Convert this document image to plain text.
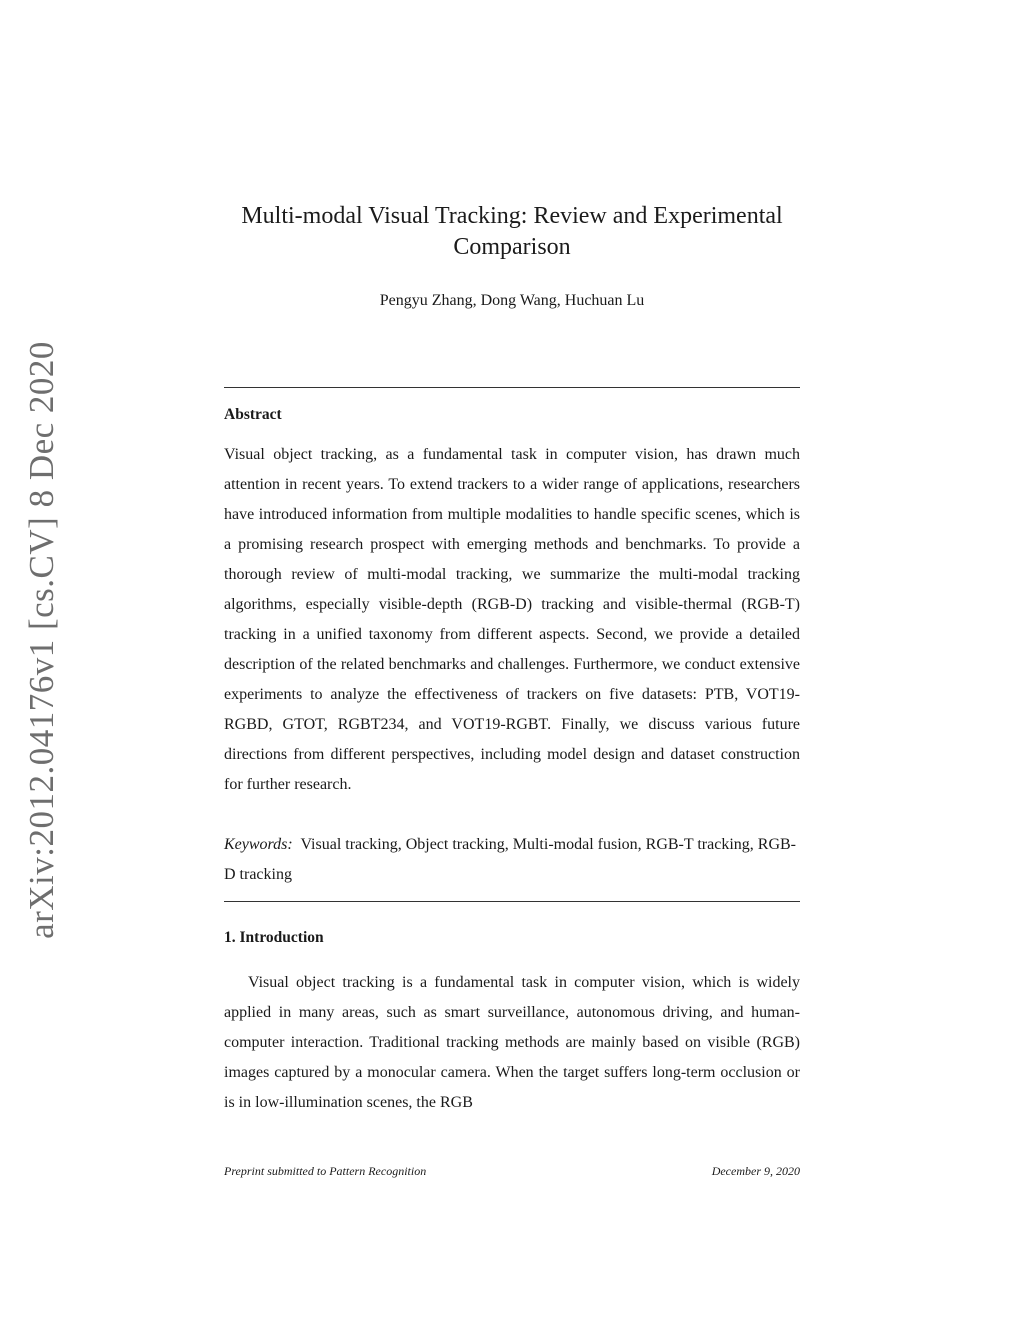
arXiv:2012.04176v1 [cs.CV] 8 Dec 2020
Multi-modal Visual Tracking: Review and Experimental Comparison
Pengyu Zhang, Dong Wang, Huchuan Lu
Abstract
Visual object tracking, as a fundamental task in computer vision, has drawn much attention in recent years. To extend trackers to a wider range of applications, researchers have introduced information from multiple modalities to handle specific scenes, which is a promising research prospect with emerging methods and benchmarks. To provide a thorough review of multi-modal tracking, we summarize the multi-modal tracking algorithms, especially visible-depth (RGB-D) tracking and visible-thermal (RGB-T) tracking in a unified taxonomy from different aspects. Second, we provide a detailed description of the related benchmarks and challenges. Furthermore, we conduct extensive experiments to analyze the effectiveness of trackers on five datasets: PTB, VOT19-RGBD, GTOT, RGBT234, and VOT19-RGBT. Finally, we discuss various future directions from different perspectives, including model design and dataset construction for further research.
Keywords: Visual tracking, Object tracking, Multi-modal fusion, RGB-T tracking, RGB-D tracking
1. Introduction
Visual object tracking is a fundamental task in computer vision, which is widely applied in many areas, such as smart surveillance, autonomous driving, and human-computer interaction. Traditional tracking methods are mainly based on visible (RGB) images captured by a monocular camera. When the target suffers long-term occlusion or is in low-illumination scenes, the RGB
Preprint submitted to Pattern Recognition	December 9, 2020
